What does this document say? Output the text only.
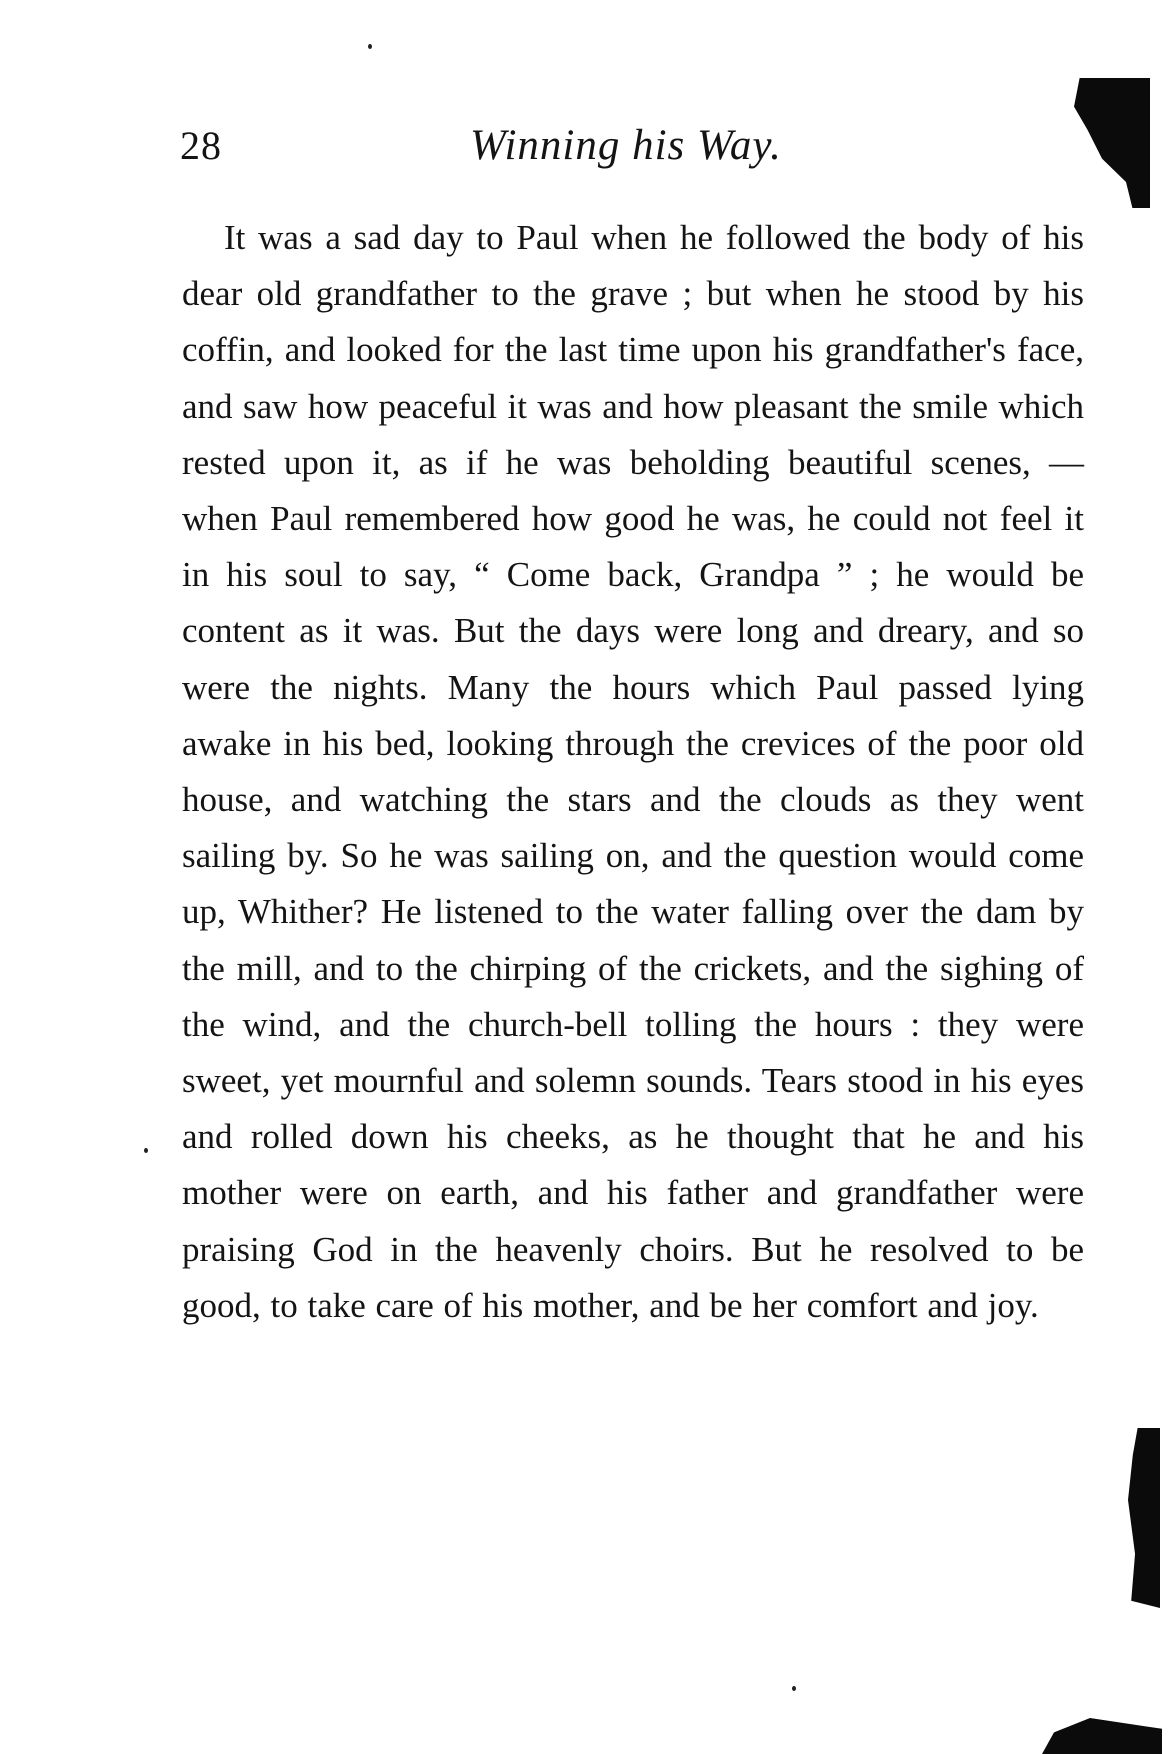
28	Winning his Way.

It was a sad day to Paul when he followed the body of his dear old grandfather to the grave ; but when he stood by his coffin, and looked for the last time upon his grandfather's face, and saw how peaceful it was and how pleasant the smile which rested upon it, as if he was beholding beautiful scenes, — when Paul remembered how good he was, he could not feel it in his soul to say, “ Come back, Grandpa ” ; he would be content as it was. But the days were long and dreary, and so were the nights. Many the hours which Paul passed lying awake in his bed, looking through the crevices of the poor old house, and watching the stars and the clouds as they went sailing by. So he was sailing on, and the question would come up, Whither? He listened to the water falling over the dam by the mill, and to the chirping of the crickets, and the sighing of the wind, and the church-bell tolling the hours : they were sweet, yet mournful and solemn sounds. Tears stood in his eyes and rolled down his cheeks, as he thought that he and his mother were on earth, and his father and grandfather were praising God in the heavenly choirs. But he resolved to be good, to take care of his mother, and be her comfort and joy.
